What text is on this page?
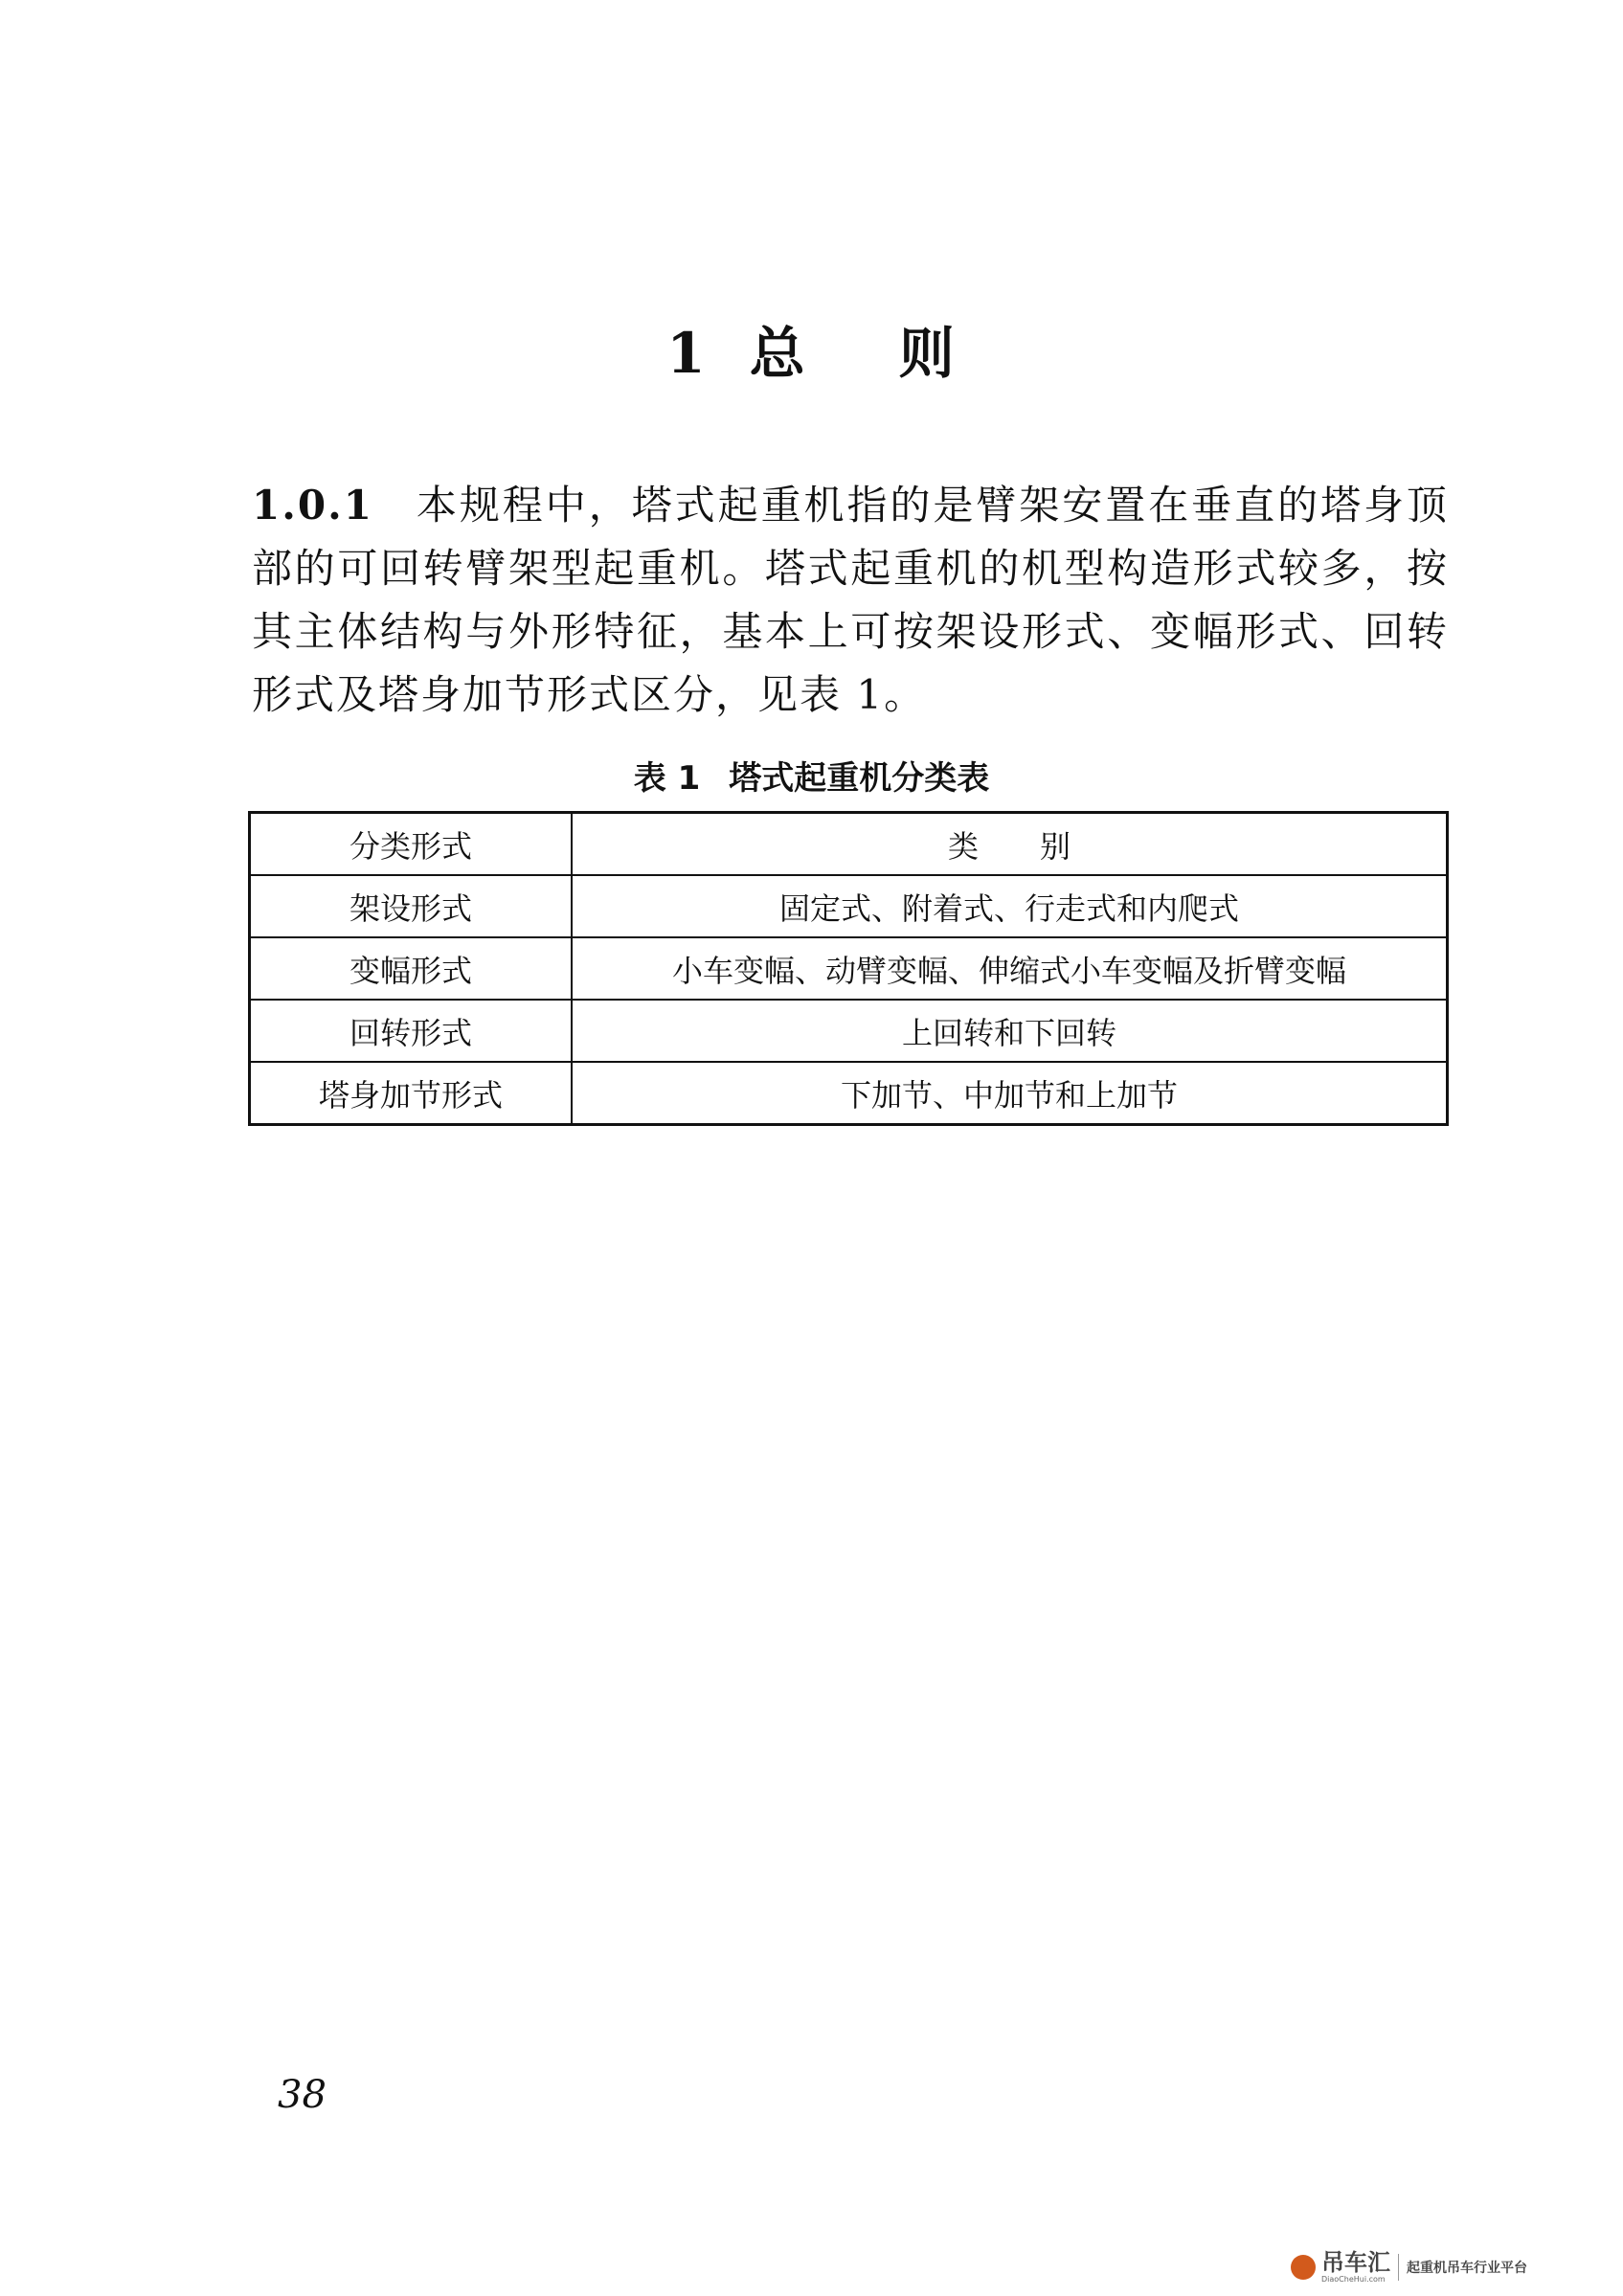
1 总 则
1.0.1 本规程中，塔式起重机指的是臂架安置在垂直的塔身顶部的可回转臂架型起重机。塔式起重机的机型构造形式较多，按其主体结构与外形特征，基本上可按架设形式、变幅形式、回转形式及塔身加节形式区分，见表 1。
表 1 塔式起重机分类表
分类形式	类　　别
架设形式	固定式、附着式、行走式和内爬式
变幅形式	小车变幅、动臂变幅、伸缩式小车变幅及折臂变幅
回转形式	上回转和下回转
塔身加节形式	下加节、中加节和上加节
38
吊车汇
DiaoCheHui.com
起重机吊车行业平台
